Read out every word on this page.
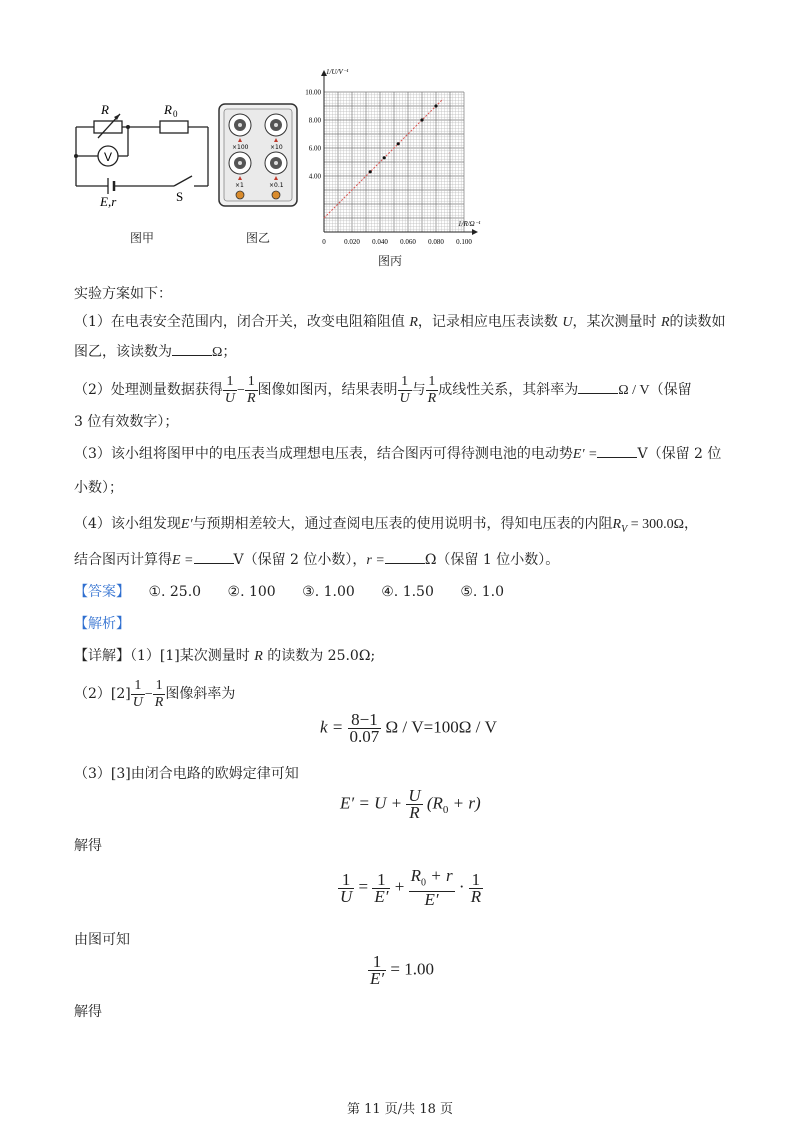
R	R 0
V
E,r	S
图甲
×100	×10
×1	×0.1
图乙	0	0.020 0.040 0.060 0.080 0.100
4.00
6.00
8.00
10.00
1/U/V⁻¹
1/R/Ω⁻¹
图丙
实验方案如下：
（1）在电表安全范围内，闭合开关，改变电阻箱阻值 R，记录相应电压表读数 U，某次测量时 R的读数如
图乙，该读数为	Ω；
（2）处理测量数据获得 $\frac{1}{U} - \frac{1}{R}$ 图像如图丙，结果表明 $\frac{1}{U}$ 与 $\frac{1}{R}$ 成线性关系，其斜率为	Ω / V（保留
3 位有效数字）；
（3）该小组将图甲中的电压表当成理想电压表，结合图丙可得待测电池的电动势E′ =	V（保留 2 位
小数）；
（4）该小组发现E′与预期相差较大，通过查阅电压表的使用说明书，得知电压表的内阻$R_V = 300.0\Omega$，
结合图丙计算得E =	V（保留 2 位小数），r =	Ω（保留 1 位小数）。
【答案】 ①. 25.0 ②. 100 ③. 1.00 ④. 1.50 ⑤. 1.0
【解析】
【详解】（1）[1]某次测量时 R 的读数为 25.0Ω;
$(2)[2] \frac{1}{U} - \frac{1}{R}$ 图像斜率为
$k = \frac{8-1}{0.07}$ Ω / V=100Ω / V
（3）[3]由闭合电路的欧姆定律可知
$E' = U + \frac{U}{R} (R_0 + r)$
解得
$\frac{1}{U} = \frac{1}{E'} + \frac{R_0 + r}{E'} \cdot \frac{1}{R}$
由图可知
$\frac{1}{E'} = 1.00$
解得
第 11 页/共 18 页
